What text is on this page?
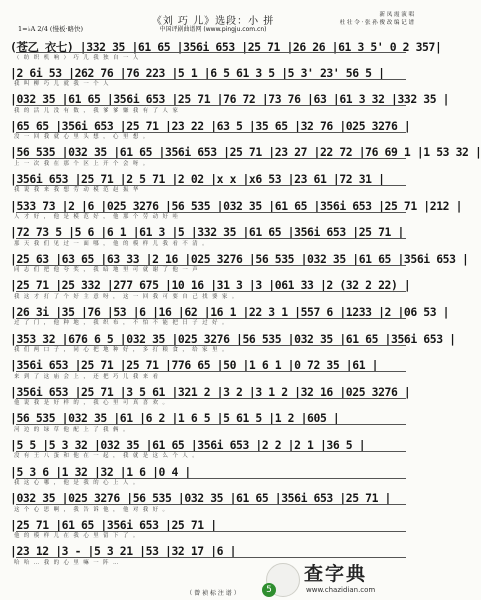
《刘 巧 儿》选段：小 拼
1=♭A 2/4 (慢板·略快)	中国评剧曲谱网 (www.pingju.com.cn)
新 凤 霞 演 唱
杜 壮 令 · 张 孙 俊 改 编 记 谱
(苍乙 衣七) |332 35 |61 65 |356i 653 |25 71 |26 26 |61 3 5' 0 2 357|
（ 纺 织 机 响 ） 巧 儿 我 独 自 一 人
|2 6i 53 |262 76 |76 223 |5 1 |6 5 61 3 5 |5 3' 23' 56 5 |
我 叫 柳 巧 儿 就 我 一 个 人
|032 35 |61 65 |356i 653 |25 71 |76 72 |73 76 |63 |61 3 32 |332 35 |
我 的 活 儿 没 有 数 ， 我 爹 爹 嫌 我 有 了 人 家
|65 65 |356i 653 |25 71 |23 22 |63 5 |35 65 |32 76 |025 3276 |
没 一 回 我 就 心 里 头 想 ， 心 里 想 。
|56 535 |032 35 |61 65 |356i 653 |25 71 |23 27 |22 72 |76 69 1 |1 53 32 |
上 一 次 我 在 那 个 区 上 开 个 会 呀 。
|356i 653 |25 71 |2 5 71 |2 02 |x x |x6 53 |23 61 |72 31 |
我 说 我 来 我 想 劳 动 模 范 赵 振 华
|533 73 |2 |6 |025 3276 |56 535 |032 35 |61 65 |356i 653 |25 71 |212 |
人 才 好 ， 他 是 模 范 好 ， 他 那 个 劳 动 好 哇
|72 73 5 |5 6 |6 1 |61 3 |5 |332 35 |61 65 |356i 653 |25 71 |
那 天 我 们 见 过 一 面 哪 ， 他 的 模 样 儿 我 看 不 清 。
|25 63 |63 65 |63 33 |2 16 |025 3276 |56 535 |032 35 |61 65 |356i 653 |
同 志 们 把 他 夸 奖 ， 我 暗 地 里 可 就 谢 了 他 一 声
|25 71 |25 332 |277 675 |10 16 |31 3 |3 |061 33 |2 (32 2 22) |
我 这 才 打 了 个 好 主 意 呀 ， 这 一 回 我 可 要 自 己 找 婆 家 。
|26 3i |35 |76 |53 |6 |16 |62 |16 1 |22 3 1 |557 6 |1233 |2 |06 53 |
过 了 门 ， 他 种 地 ， 我 织 布 ， 不 怕 不 能 把 日 子 过 好 。
|353 32 |676 6 5 |032 35 |025 3276 |56 535 |032 35 |61 65 |356i 653 |
我 们 两 口 子 ， 同 心 把 地 种 好 ， 多 打 粮 食 ， 给 家 里 。
|356i 653 |25 71 |25 71 |776 65 |50 |1 6 1 |0 72 35 |61 |
来 到 了 这 庙 会 上 ， 还 把 巧 儿 我 来 看
|356i 653 |25 71 |3 5 61 |321 2 |3 2 |3 1 2 |32 16 |025 3276 |
他 说 我 是 好 样 的 ， 我 心 里 可 真 喜 欢 。
|56 535 |032 35 |61 |6 2 |1 6 5 |5 61 5 |1 2 |605 |
河 边 的 绿 草 他 配 上 了 我 俩 。
|5 5 |5 3 32 |032 35 |61 65 |356i 653 |2 2 |2 1 |36 5 |
没 有 王 八 蛋 和 他 在 一 起 ， 我 就 是 这 么 个 人 。
|5 3 6 |1 32 |32 |1 6 |0 4 |
我 这 心 哪 ， 他 是 我 的 心 上 人 。
|032 35 |025 3276 |56 535 |032 35 |61 65 |356i 653 |25 71 |
这 个 心 思 啊 ， 我 告 诉 他 ， 他 对 我 好 。
|25 71 |61 65 |356i 653 |25 71 |
他 的 模 样 儿 在 我 心 里 留 下 了 。
|23 12 |3 - |5 3 21 |53 |32 17 |6 |
哈 哈 … 我 的 心 里 嘛 一 阵 …
（ 曾 祯 标 注 谱 ）	5
查字典
www.chazidian.com
